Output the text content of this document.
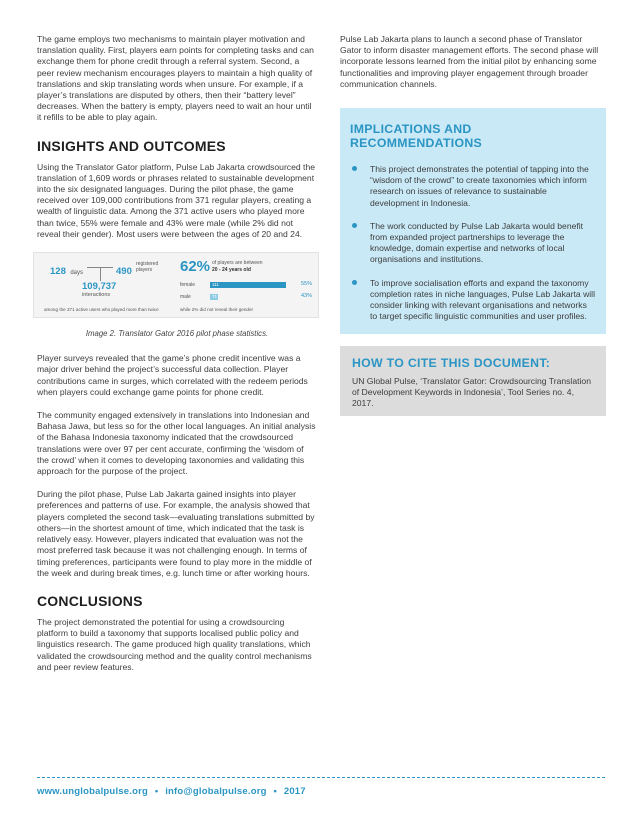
The game employs two mechanisms to maintain player motivation and translation quality. First, players earn points for completing tasks and can exchange them for phone credit through a referral system. Second, a peer review mechanism encourages players to maintain a high quality of translations and skip translating words when unsure. For example, if a player’s translations are disputed by others, then their “battery level” decreases. When the battery is empty, players need to wait an hour until it refills to be able to play again.

INSIGHTS AND OUTCOMES

Using the Translator Gator platform, Pulse Lab Jakarta crowdsourced the translation of 1,609 words or phrases related to sustainable development into the six designated languages. During the pilot phase, the game received over 109,000 contributions from 371 regular players, creating a wealth of linguistic data. Among the 371 active users who played more than twice, 55% were female and 43% were male (while 2% did not reveal their gender). Most users were between the ages of 20 and 24.

128 days	490
registered
players
109,737
interactions
among the 371 active users who played more than twice
62% of players are between
20 - 24 years old
female	111	55%
male	71	43%
while 2% did not reveal their gender

Image 2. Translator Gator 2016 pilot phase statistics.

Player surveys revealed that the game’s phone credit incentive was a major driver behind the project’s successful data collection. Player contributions came in surges, which correlated with the redeem periods when players could exchange game points for phone credit.

The community engaged extensively in translations into Indonesian and Bahasa Jawa, but less so for the other local languages. An initial analysis of the Bahasa Indonesia taxonomy indicated that the crowdsourced translations were over 97 per cent accurate, confirming the ‘wisdom of the crowd’ when it comes to developing taxonomies and validating this approach for the purpose of the project.

During the pilot phase, Pulse Lab Jakarta gained insights into player preferences and patterns of use. For example, the analysis showed that players completed the second task—evaluating translations submitted by others—in the shortest amount of time, which indicated that the task is relatively easy. However, players indicated that evaluation was not the most preferred task because it was not challenging enough. In terms of timing preferences, participants were found to play more in the middle of the week and during break times, e.g. lunch time or after working hours.

CONCLUSIONS

The project demonstrated the potential for using a crowdsourcing platform to build a taxonomy that supports localised public policy and linguistics research. The game produced high quality translations, which validated the crowdsourcing method and the quality control mechanisms and peer review features.

Pulse Lab Jakarta plans to launch a second phase of Translator Gator to inform disaster management efforts. The second phase will incorporate lessons learned from the initial pilot by enhancing some functionalities and improving player engagement through broader communication channels.

IMPLICATIONS AND RECOMMENDATIONS
This project demonstrates the potential of tapping into the “wisdom of the crowd” to create taxonomies which inform research on issues of relevance to sustainable development in Indonesia.
The work conducted by Pulse Lab Jakarta would benefit from expanded project partnerships to leverage the knowledge, domain expertise and networks of local organisations and institutions.
To improve socialisation efforts and expand the taxonomy completion rates in niche languages, Pulse Lab Jakarta will consider linking with relevant organisations and networks to target specific linguistic communities and user profiles.
HOW TO CITE THIS DOCUMENT:

UN Global Pulse, ‘Translator Gator: Crowdsourcing Translation of Development Keywords in Indonesia’, Tool Series no. 4, 2017.

www.unglobalpulse.org • info@globalpulse.org • 2017
